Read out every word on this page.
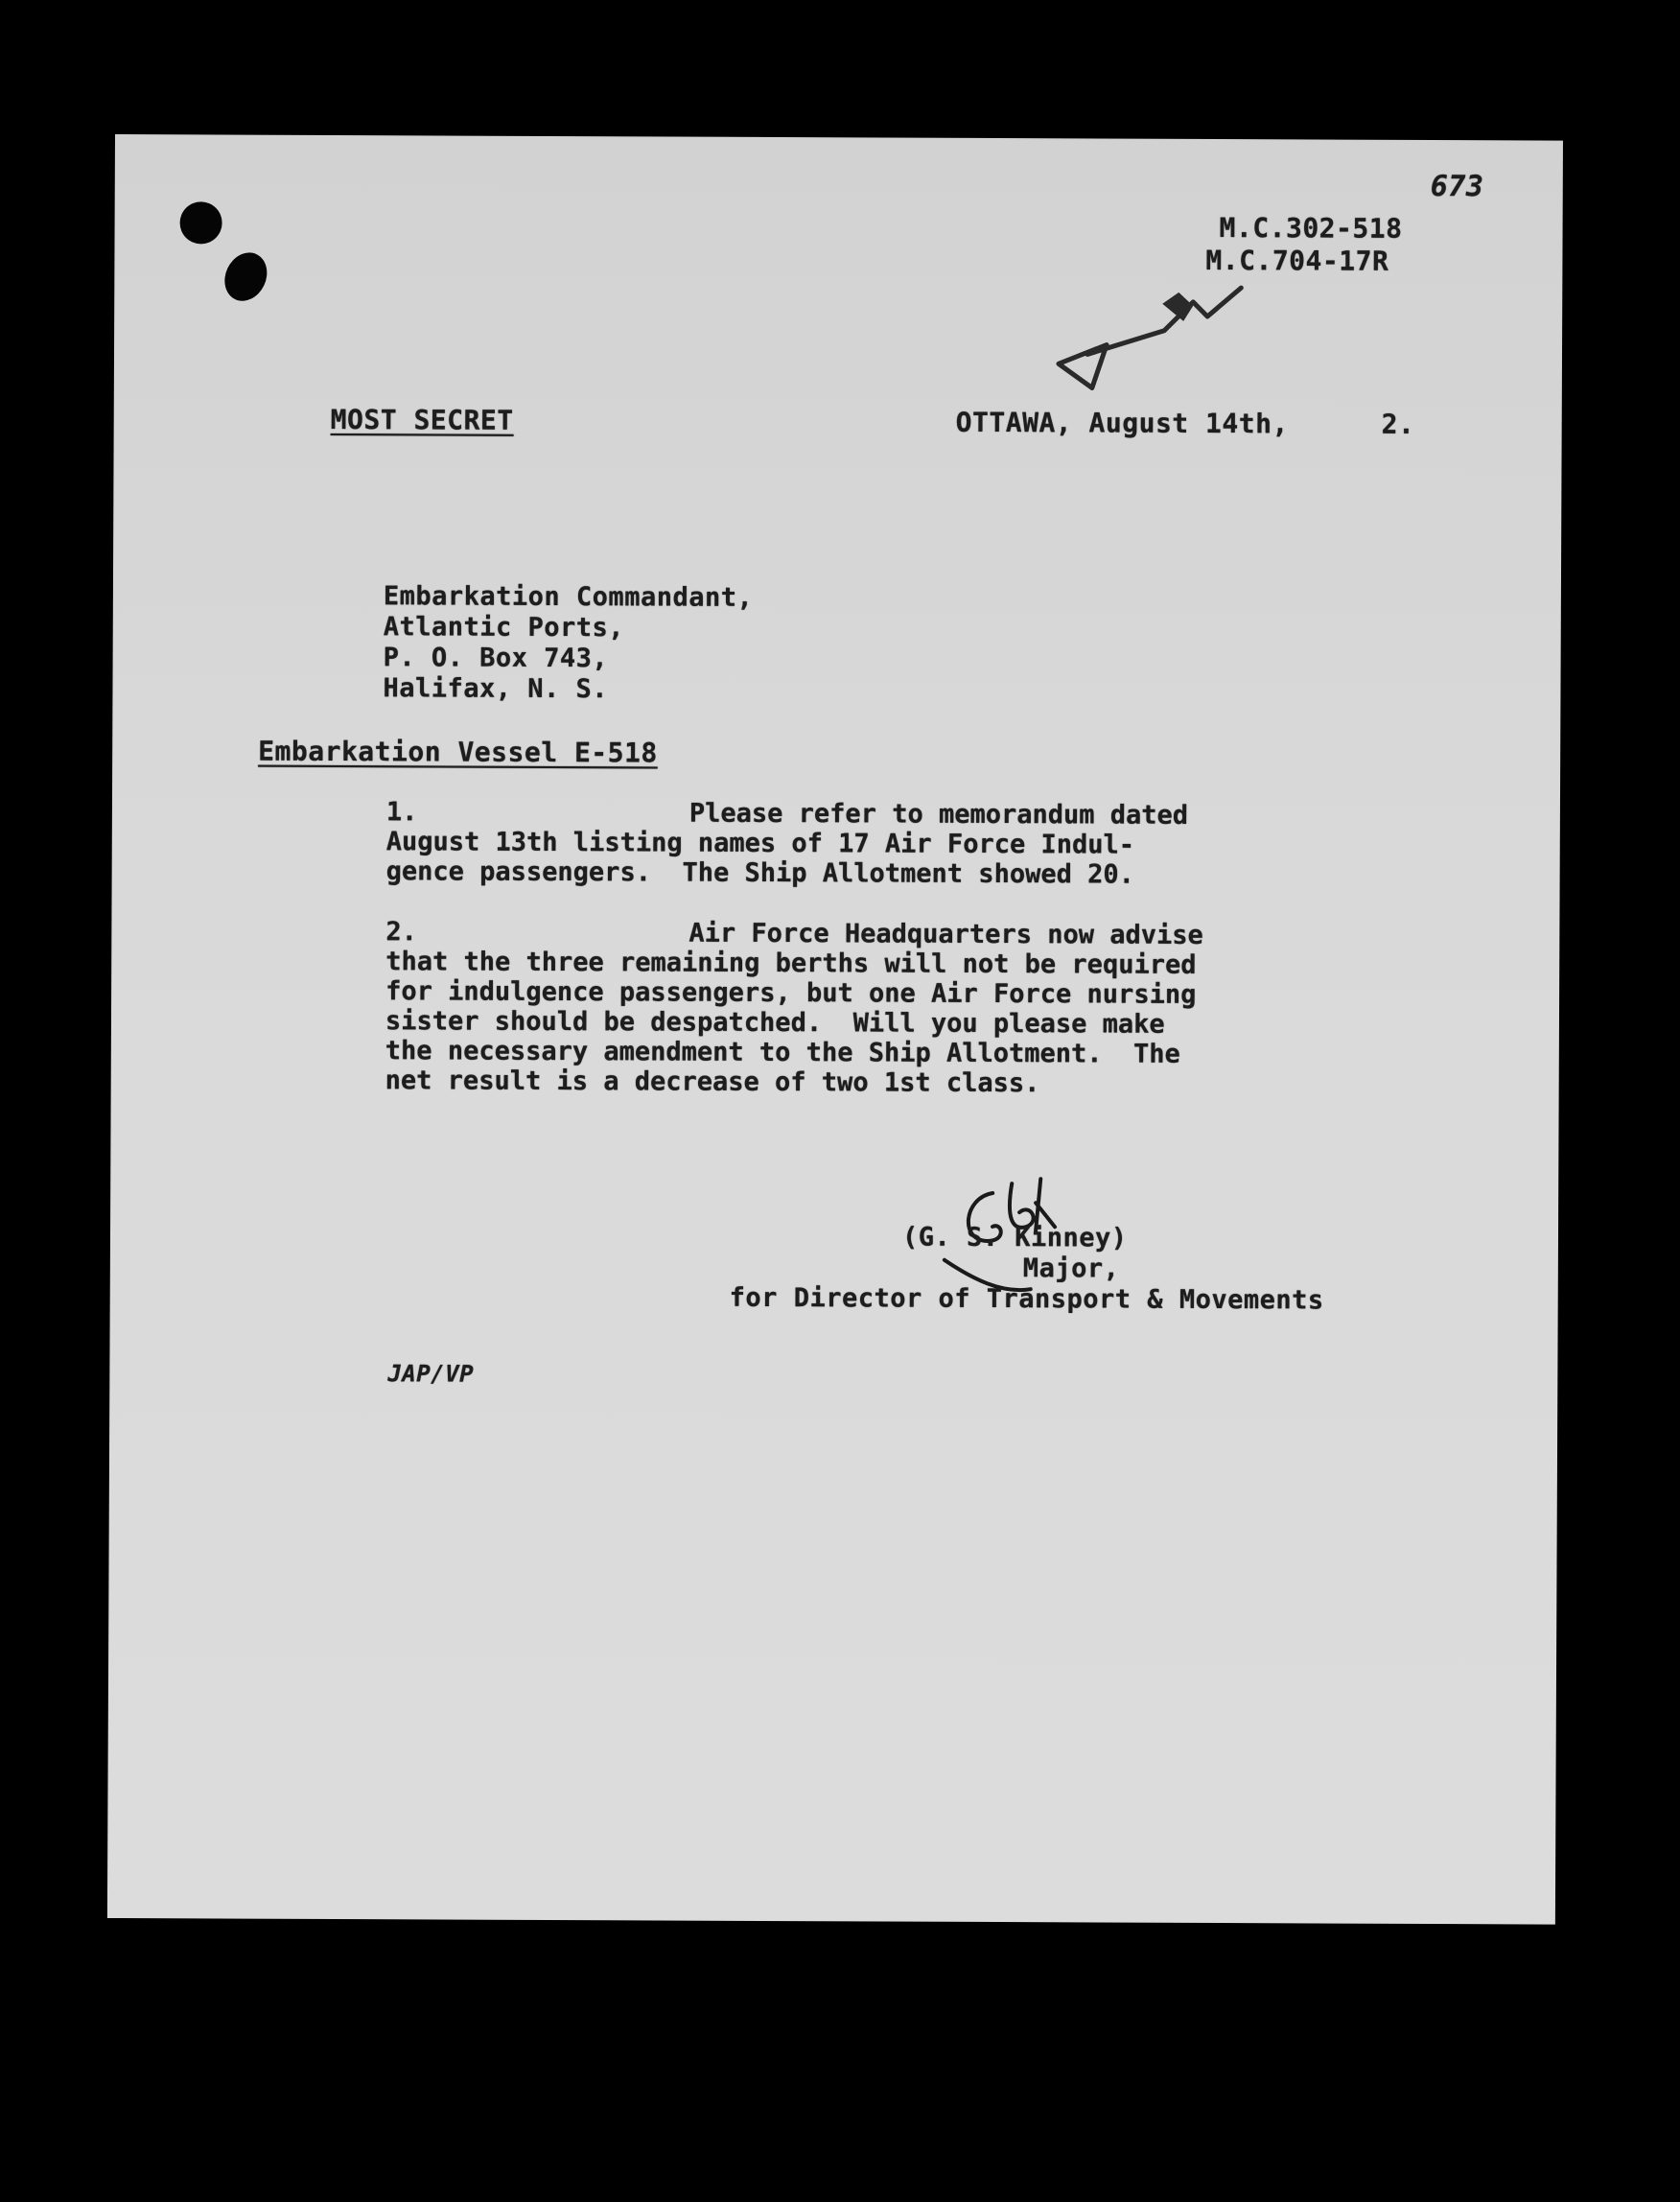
673
M.C.302-518
M.C.704-17R
MOST SECRET	OTTAWA, August 14th,	2.
Embarkation Commandant,
Atlantic Ports,
P. O. Box 743,
Halifax, N. S.
Embarkation Vessel E-518
1.	Please refer to memorandum dated
August 13th listing names of 17 Air Force Indul-
gence passengers.  The Ship Allotment showed 20.
2.	Air Force Headquarters now advise
that the three remaining berths will not be required
for indulgence passengers, but one Air Force nursing
sister should be despatched.  Will you please make
the necessary amendment to the Ship Allotment.  The
net result is a decrease of two 1st class.
(G. S. Kinney)
Major,
for Director of Transport & Movements
JAP/VP
